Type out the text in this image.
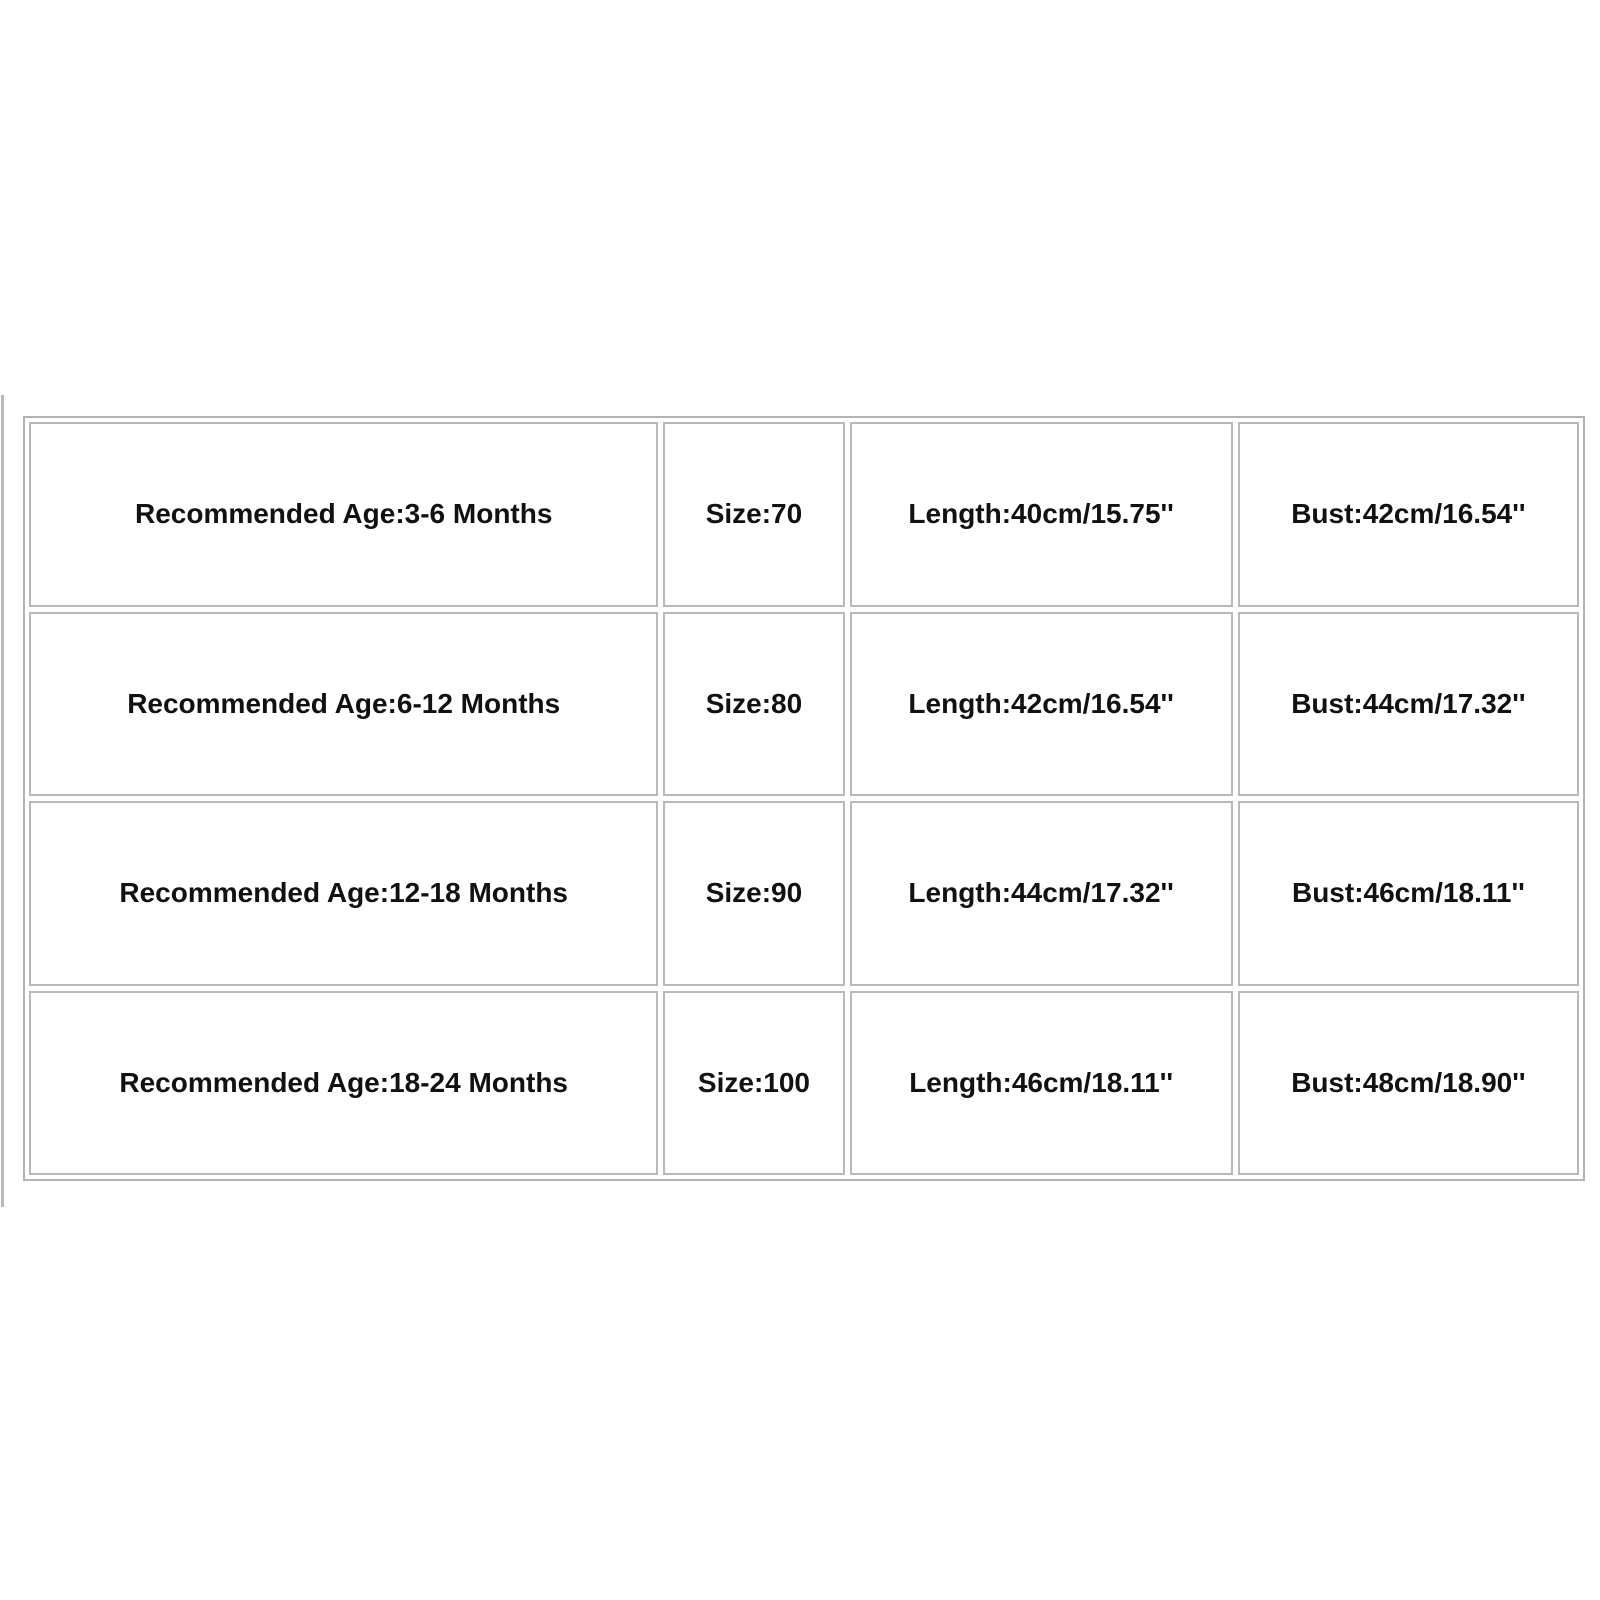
Recommended Age:3-6 Months	Size:70	Length:40cm/15.75''	Bust:42cm/16.54''
Recommended Age:6-12 Months	Size:80	Length:42cm/16.54''	Bust:44cm/17.32''
Recommended Age:12-18 Months	Size:90	Length:44cm/17.32''	Bust:46cm/18.11''
Recommended Age:18-24 Months	Size:100	Length:46cm/18.11''	Bust:48cm/18.90''
